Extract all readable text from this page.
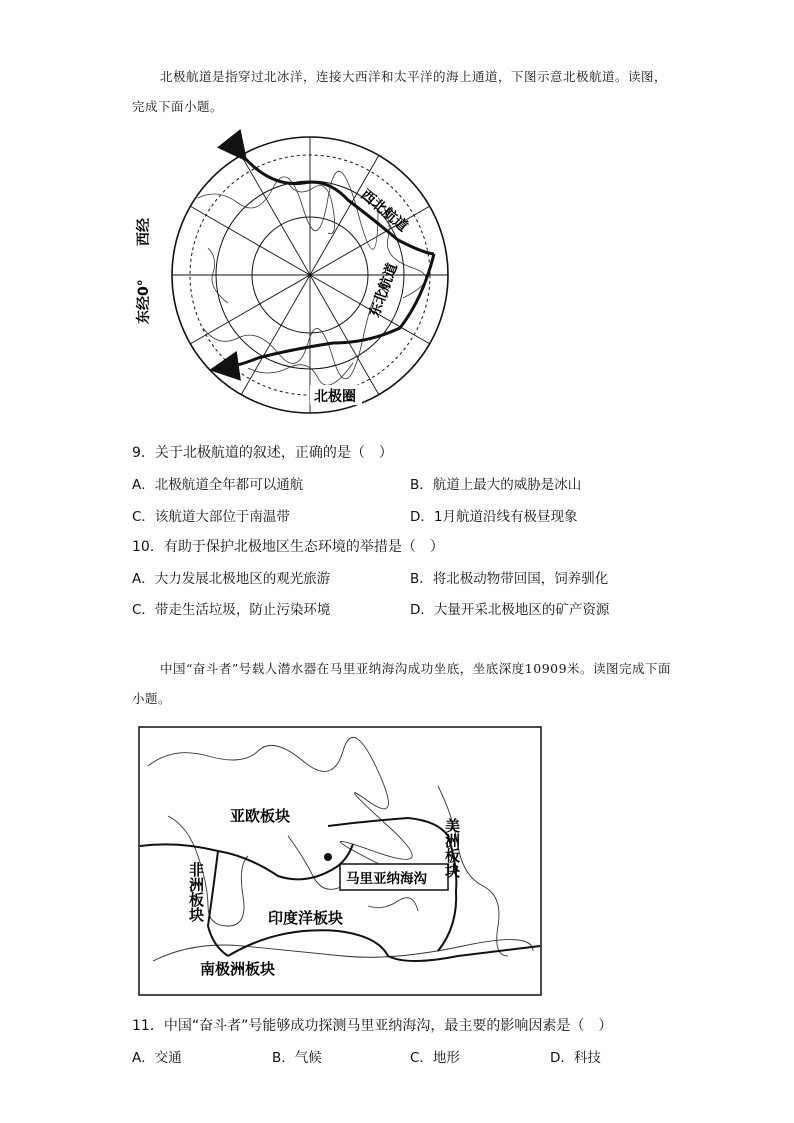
北极航道是指穿过北冰洋，连接大西洋和太平洋的海上通道，下图示意北极航道。读图，完成下面小题。
东经0°
西经	西北航道
东北航道
北极圈
9．关于北极航道的叙述，正确的是（　）
A．北极航道全年都可以通航	B．航道上最大的威胁是冰山
C．该航道大部位于南温带	D．1月航道沿线有极昼现象
10．有助于保护北极地区生态环境的举措是（　）
A．大力发展北极地区的观光旅游	B．将北极动物带回国，饲养驯化
C．带走生活垃圾，防止污染环境	D．大量开采北极地区的矿产资源
中国“奋斗者”号载人潜水器在马里亚纳海沟成功坐底，坐底深度10909米。读图完成下面小题。
马里亚纳海沟
亚欧板块
印度洋板块
南极洲板块
非洲板块
美洲板块
11．中国“奋斗者”号能够成功探测马里亚纳海沟，最主要的影响因素是（　）
A．交通	B．气候	C．地形	D．科技
